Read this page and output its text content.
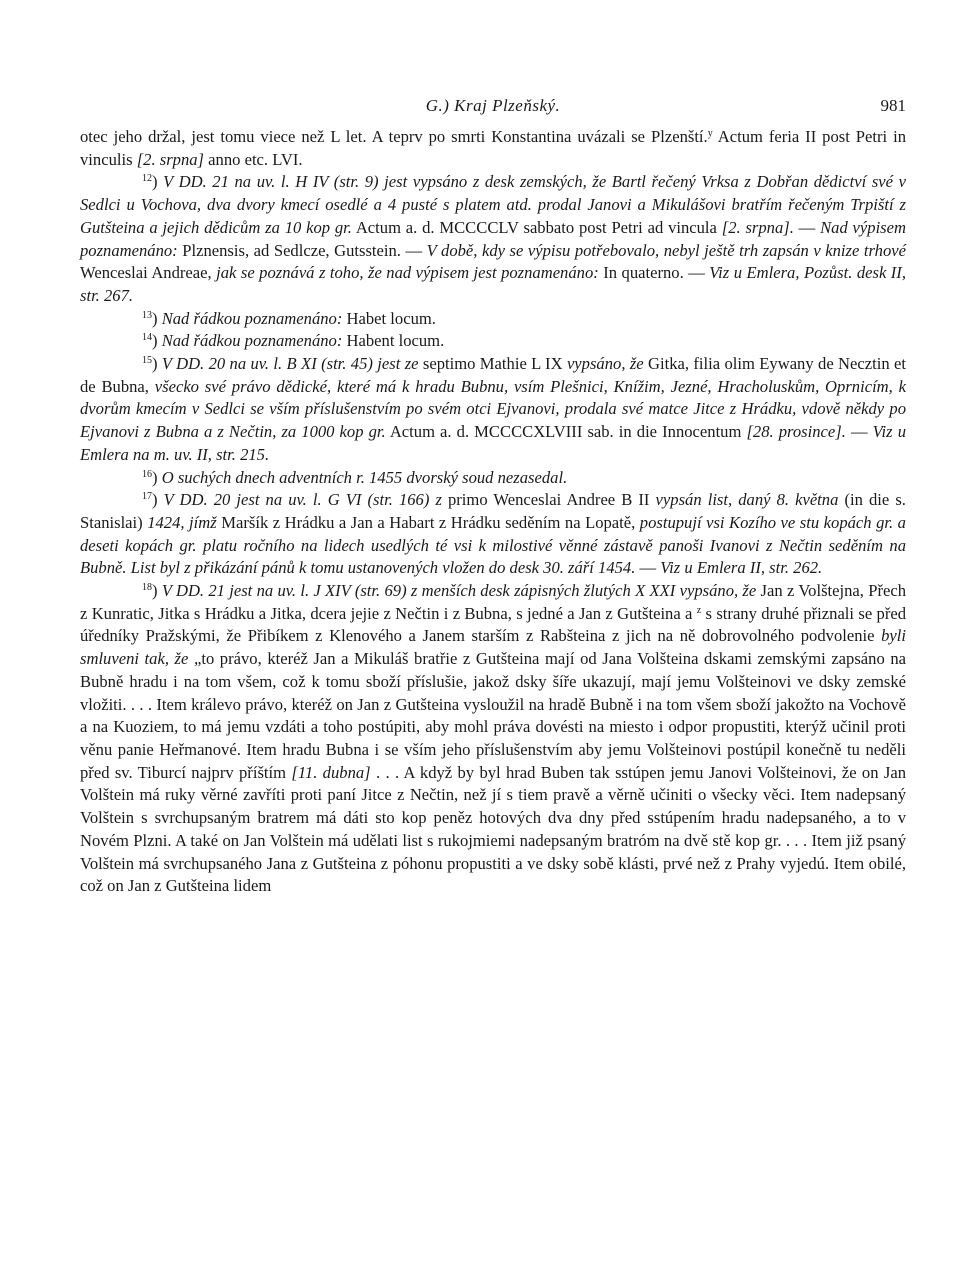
G.) Kraj Plzeňský.	981

otec jeho držal, jest tomu viece než L let. A teprv po smrti Konstantina uvázali se Plzenští.$^y$ Actum feria II post Petri in vinculis [2. srpna] anno etc. LVI.

$^{12}$) V DD. 21 na uv. l. H IV (str. 9) jest vypsáno z desk zemských, že Bartl řečený Vrksa z Dobřan dědictví své v Sedlci u Vochova, dva dvory kmecí osedlé a 4 pusté s platem atd. prodal Janovi a Mikulášovi bratřím řečeným Trpiští z Gutšteina a jejich dědicům za 10 kop gr. Actum a. d. MCCCCLV sabbato post Petri ad vincula [2. srpna]. — Nad výpisem poznamenáno: Plznensis, ad Sedlcze, Gutsstein. — V době, kdy se výpisu potřebovalo, nebyl ještě trh zapsán v knize trhové Wenceslai Andreae, jak se poznává z toho, že nad výpisem jest poznamenáno: In quaterno. — Viz u Emlera, Pozůst. desk II, str. 267.

$^{13}$) Nad řádkou poznamenáno: Habet locum.

$^{14}$) Nad řádkou poznamenáno: Habent locum.

$^{15}$) V DD. 20 na uv. l. B XI (str. 45) jest ze septimo Mathie L IX vypsáno, že Gitka, filia olim Eywany de Necztin et de Bubna, všecko své právo dědické, které má k hradu Bubnu, vsím Plešnici, Knížim, Jezné, Hracholuskům, Oprnicím, k dvorům kmecím v Sedlci se vším příslušenstvím po svém otci Ejvanovi, prodala své matce Jitce z Hrádku, vdově někdy po Ejvanovi z Bubna a z Nečtin, za 1000 kop gr. Actum a. d. MCCCCXLVIII sab. in die Innocentum [28. prosince]. — Viz u Emlera na m. uv. II, str. 215.

$^{16}$) O suchých dnech adventních r. 1455 dvorský soud nezasedal.

$^{17}$) V DD. 20 jest na uv. l. G VI (str. 166) z primo Wenceslai Andree B II vypsán list, daný 8. května (in die s. Stanislai) 1424, jímž Maršík z Hrádku a Jan a Habart z Hrádku seděním na Lopatě, postupují vsi Kozího ve stu kopách gr. a deseti kopách gr. platu ročního na lidech usedlých té vsi k milostivé věnné zástavě panoši Ivanovi z Nečtin seděním na Bubně. List byl z přikázání pánů k tomu ustanovených vložen do desk 30. září 1454. — Viz u Emlera II, str. 262.

$^{18}$) V DD. 21 jest na uv. l. J XIV (str. 69) z menších desk zápisných žlutých X XXI vypsáno, že Jan z Volštejna, Přech z Kunratic, Jitka s Hrádku a Jitka, dcera jejie z Nečtin i z Bubna, s jedné a Jan z Gutšteina a $^z$ s strany druhé přiznali se před úředníky Pražskými, že Přibíkem z Klenového a Janem starším z Rabšteina z jich na ně dobrovolného podvolenie byli smluveni tak, že „to právo, kteréž Jan a Mikuláš bratřie z Gutšteina mají od Jana Volšteina dskami zemskými zapsáno na Bubně hradu i na tom všem, což k tomu sboží příslušie, jakož dsky šíře ukazují, mají jemu Volšteinovi ve dsky zemské vložiti. . . . Item králevo právo, kteréž on Jan z Gutšteina vysloužil na hradě Bubně i na tom všem sboží jakožto na Vochově a na Kuoziem, to má jemu vzdáti a toho postúpiti, aby mohl práva dovésti na miesto i odpor propustiti, kterýž učinil proti věnu panie Heřmanové. Item hradu Bubna i se vším jeho příslušenstvím aby jemu Volšteinovi postúpil konečně tu neděli před sv. Tiburcí najprv příštím [11. dubna] . . . A když by byl hrad Buben tak sstúpen jemu Janovi Volšteinovi, že on Jan Volštein má ruky věrné zavříti proti paní Jitce z Nečtin, než jí s tiem pravě a věrně učiniti o všecky věci. Item nadepsaný Volštein s svrchupsaným bratrem má dáti sto kop peněz hotových dva dny před sstúpením hradu nadepsaného, a to v Novém Plzni. A také on Jan Volštein má udělati list s rukojmiemi nadepsaným bratróm na dvě stě kop gr. . . . Item již psaný Volštein má svrchupsaného Jana z Gutšteina z póhonu propustiti a ve dsky sobě klásti, prvé než z Prahy vyjedú. Item obilé, což on Jan z Gutšteina lidem
